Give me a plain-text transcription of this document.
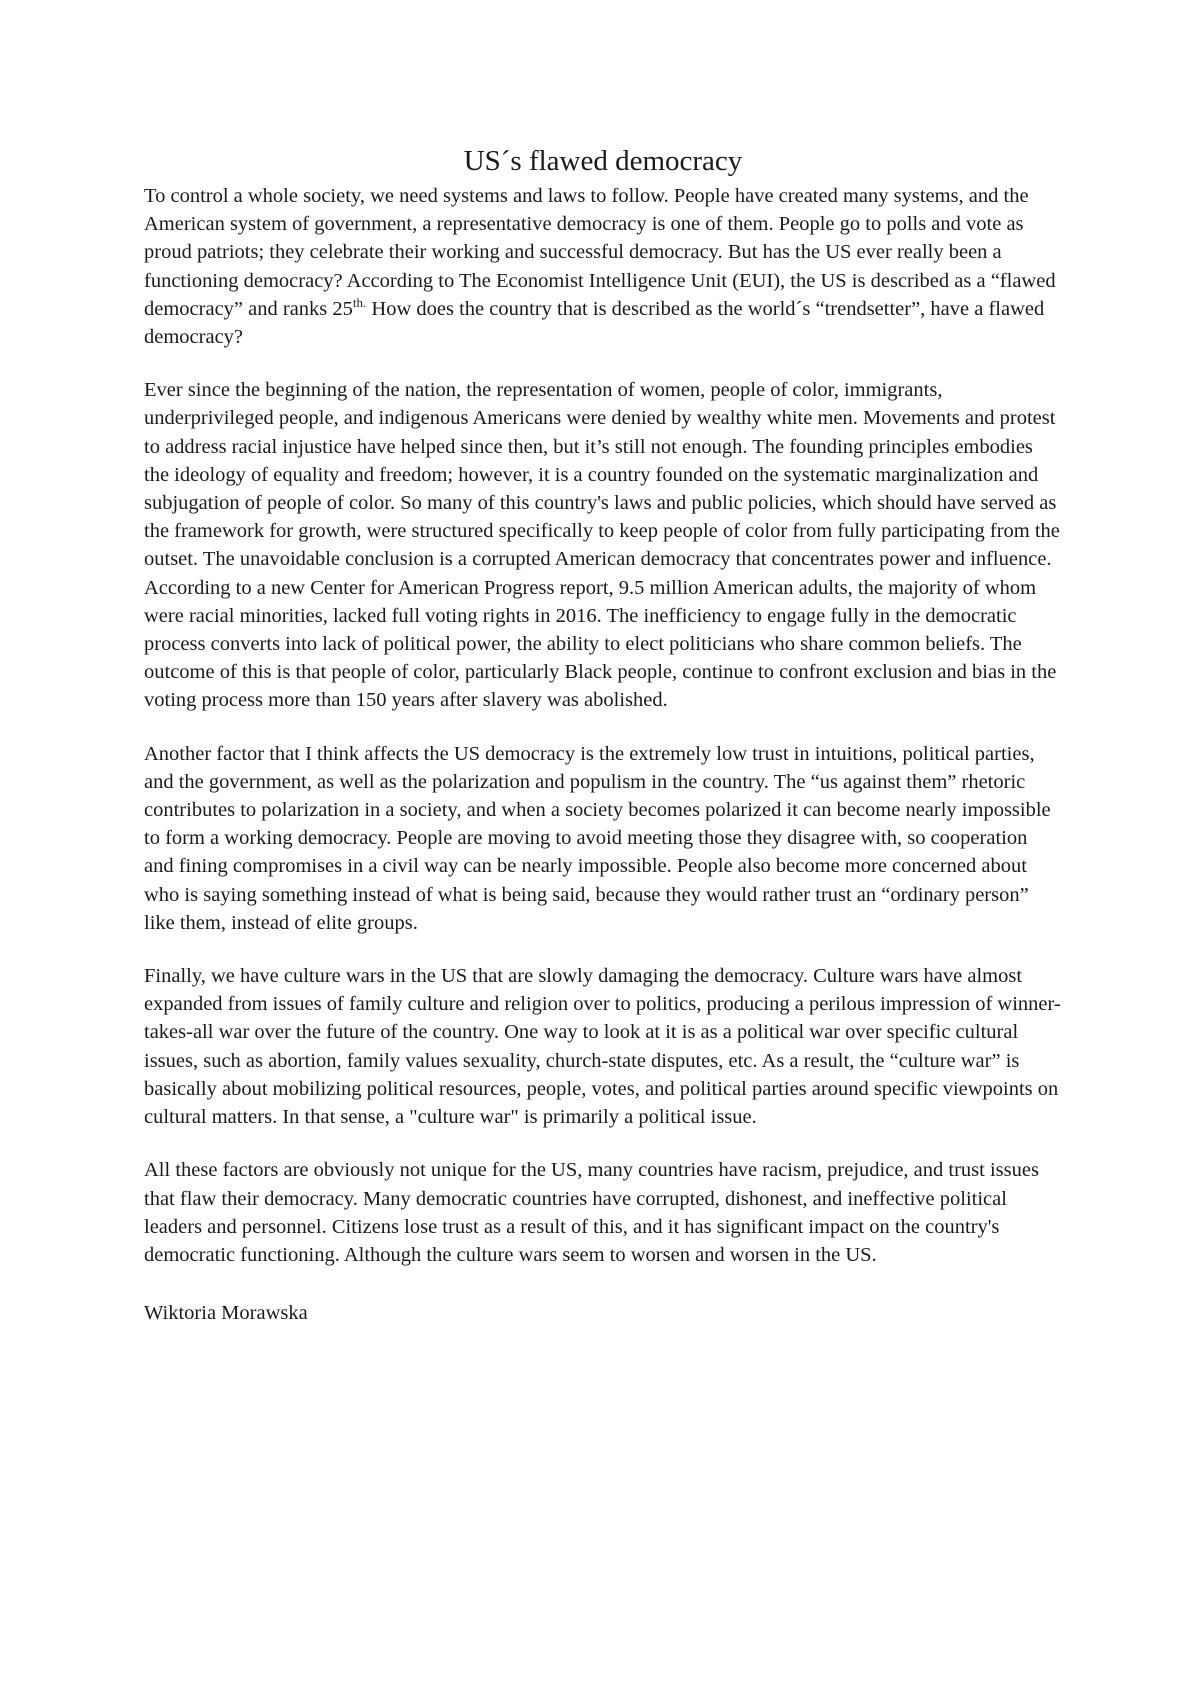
US´s flawed democracy

To control a whole society, we need systems and laws to follow. People have created many systems, and the American system of government, a representative democracy is one of them. People go to polls and vote as proud patriots; they celebrate their working and successful democracy. But has the US ever really been a functioning democracy? According to The Economist Intelligence Unit (EUI), the US is described as a “flawed democracy” and ranks $25^{th.}$ How does the country that is described as the world´s “trendsetter”, have a flawed democracy?

Ever since the beginning of the nation, the representation of women, people of color, immigrants, underprivileged people, and indigenous Americans were denied by wealthy white men. Movements and protest to address racial injustice have helped since then, but it’s still not enough. The founding principles embodies the ideology of equality and freedom; however, it is a country founded on the systematic marginalization and subjugation of people of color. So many of this country's laws and public policies, which should have served as the framework for growth, were structured specifically to keep people of color from fully participating from the outset. The unavoidable conclusion is a corrupted American democracy that concentrates power and influence. According to a new Center for American Progress report, 9.5 million American adults, the majority of whom were racial minorities, lacked full voting rights in 2016. The inefficiency to engage fully in the democratic process converts into lack of political power, the ability to elect politicians who share common beliefs. The outcome of this is that people of color, particularly Black people, continue to confront exclusion and bias in the voting process more than 150 years after slavery was abolished.

Another factor that I think affects the US democracy is the extremely low trust in intuitions, political parties, and the government, as well as the polarization and populism in the country. The “us against them” rhetoric contributes to polarization in a society, and when a society becomes polarized it can become nearly impossible to form a working democracy. People are moving to avoid meeting those they disagree with, so cooperation and fining compromises in a civil way can be nearly impossible. People also become more concerned about who is saying something instead of what is being said, because they would rather trust an “ordinary person” like them, instead of elite groups.

Finally, we have culture wars in the US that are slowly damaging the democracy. Culture wars have almost expanded from issues of family culture and religion over to politics, producing a perilous impression of winner-takes-all war over the future of the country. One way to look at it is as a political war over specific cultural issues, such as abortion, family values sexuality, church-state disputes, etc. As a result, the “culture war” is basically about mobilizing political resources, people, votes, and political parties around specific viewpoints on cultural matters. In that sense, a "culture war" is primarily a political issue.

All these factors are obviously not unique for the US, many countries have racism, prejudice, and trust issues that flaw their democracy. Many democratic countries have corrupted, dishonest, and ineffective political leaders and personnel. Citizens lose trust as a result of this, and it has significant impact on the country's democratic functioning. Although the culture wars seem to worsen and worsen in the US.

Wiktoria Morawska
